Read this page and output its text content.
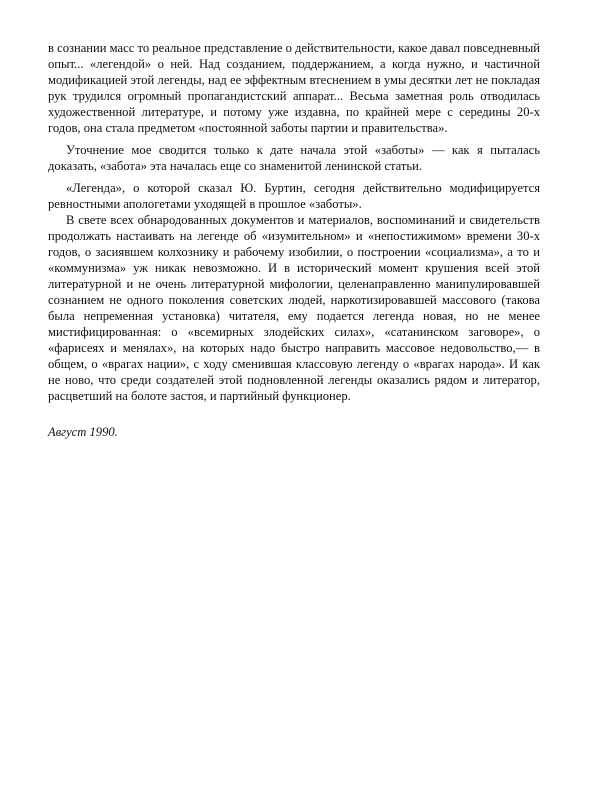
в сознании масс то реальное представление о действительности, какое давал повседневный опыт... «легендой» о ней. Над созданием, поддержанием, а когда нужно, и частичной модификацией этой легенды, над ее эффектным втеснением в умы десятки лет не покладая рук трудился огромный пропагандистский аппарат... Весьма заметная роль отводилась художественной литературе, и потому уже издавна, по крайней мере с середины 20-х годов, она стала предметом «постоянной заботы партии и правительства».

Уточнение мое сводится только к дате начала этой «заботы» — как я пыталась доказать, «забота» эта началась еще со знаменитой ленинской статьи.

«Легенда», о которой сказал Ю. Буртин, сегодня действительно модифицируется ревностными апологетами уходящей в прошлое «заботы».

В свете всех обнародованных документов и материалов, воспоминаний и свидетельств продолжать настаивать на легенде об «изумительном» и «непостижимом» времени 30-х годов, о засиявшем колхознику и рабочему изобилии, о построении «социализма», а то и «коммунизма» уж никак невозможно. И в исторический момент крушения всей этой литературной и не очень литературной мифологии, целенаправленно манипулировавшей сознанием не одного поколения советских людей, наркотизировавшей массового (такова была непременная установка) читателя, ему подается легенда новая, но не менее мистифицированная: о «всемирных злодейских силах», «сатанинском заговоре», о «фарисеях и менялах», на которых надо быстро направить массовое недовольство,— в общем, о «врагах нации», с ходу сменившая классовую легенду о «врагах народа». И как не ново, что среди создателей этой подновленной легенды оказались рядом и литератор, расцветший на болоте застоя, и партийный функционер.

Август 1990.
